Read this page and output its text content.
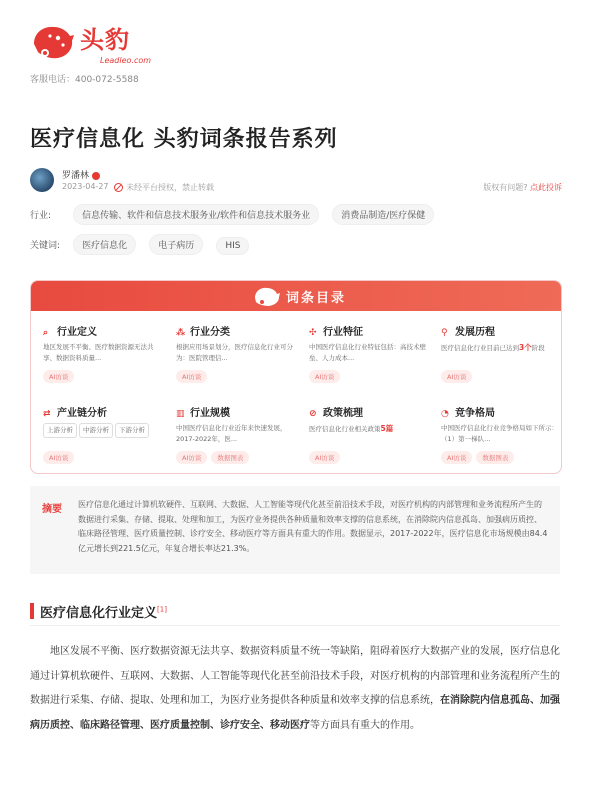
头豹
Leadleo.com
客服电话：400-072-5588
医疗信息化 头豹词条报告系列
罗潘林
2023-04-27	未经平台授权，禁止转载	版权有问题? 点此投诉
行业:	信息传输、软件和信息技术服务业/软件和信息技术服务业	消费品制造/医疗保健
关键词: 医疗信息化	电子病历	HIS
词条目录
⌕ 行业定义
地区发展不平衡、医疗数据资源无法共享、数据资料质量...
AI访谈
⁂ 行业分类
根据应用场景划分，医疗信息化行业可分为：医院管理信...
AI访谈
✣ 行业特征
中国医疗信息化行业特征包括：高技术壁垒、人力成本...
AI访谈
⚲ 发展历程
医疗信息化行业目前已达到3个阶段
AI访谈
⇄ 产业链分析
上游分析 中游分析 下游分析
AI访谈
▥ 行业规模
中国医疗信息化行业近年来快速发展，2017-2022年，医...
AI访谈 数据图表
⊘ 政策梳理
医疗信息化行业相关政策5篇
AI访谈
◔ 竞争格局
中国医疗信息化行业竞争格局如下所示：（1）第一梯队...
AI访谈 数据图表
摘要 医疗信息化通过计算机软硬件、互联网、大数据、人工智能等现代化甚至前沿技术手段，对医疗机构的内部管理和业务流程所产生的数据进行采集、存储、提取、处理和加工，为医疗业务提供各种质量和效率支撑的信息系统，在消除院内信息孤岛、加强病历质控、临床路径管理、医疗质量控制、诊疗安全、移动医疗等方面具有重大的作用。数据显示，2017-2022年，医疗信息化市场规模由84.4亿元增长到221.5亿元，年复合增长率达21.3%。
医疗信息化行业定义[1]
地区发展不平衡、医疗数据资源无法共享、数据资料质量不统一等缺陷，阻碍着医疗大数据产业的发展，医疗信息化通过计算机软硬件、互联网、大数据、人工智能等现代化甚至前沿技术手段，对医疗机构的内部管理和业务流程所产生的数据进行采集、存储、提取、处理和加工，为医疗业务提供各种质量和效率支撑的信息系统，在消除院内信息孤岛、加强病历质控、临床路径管理、医疗质量控制、诊疗安全、移动医疗等方面具有重大的作用。
